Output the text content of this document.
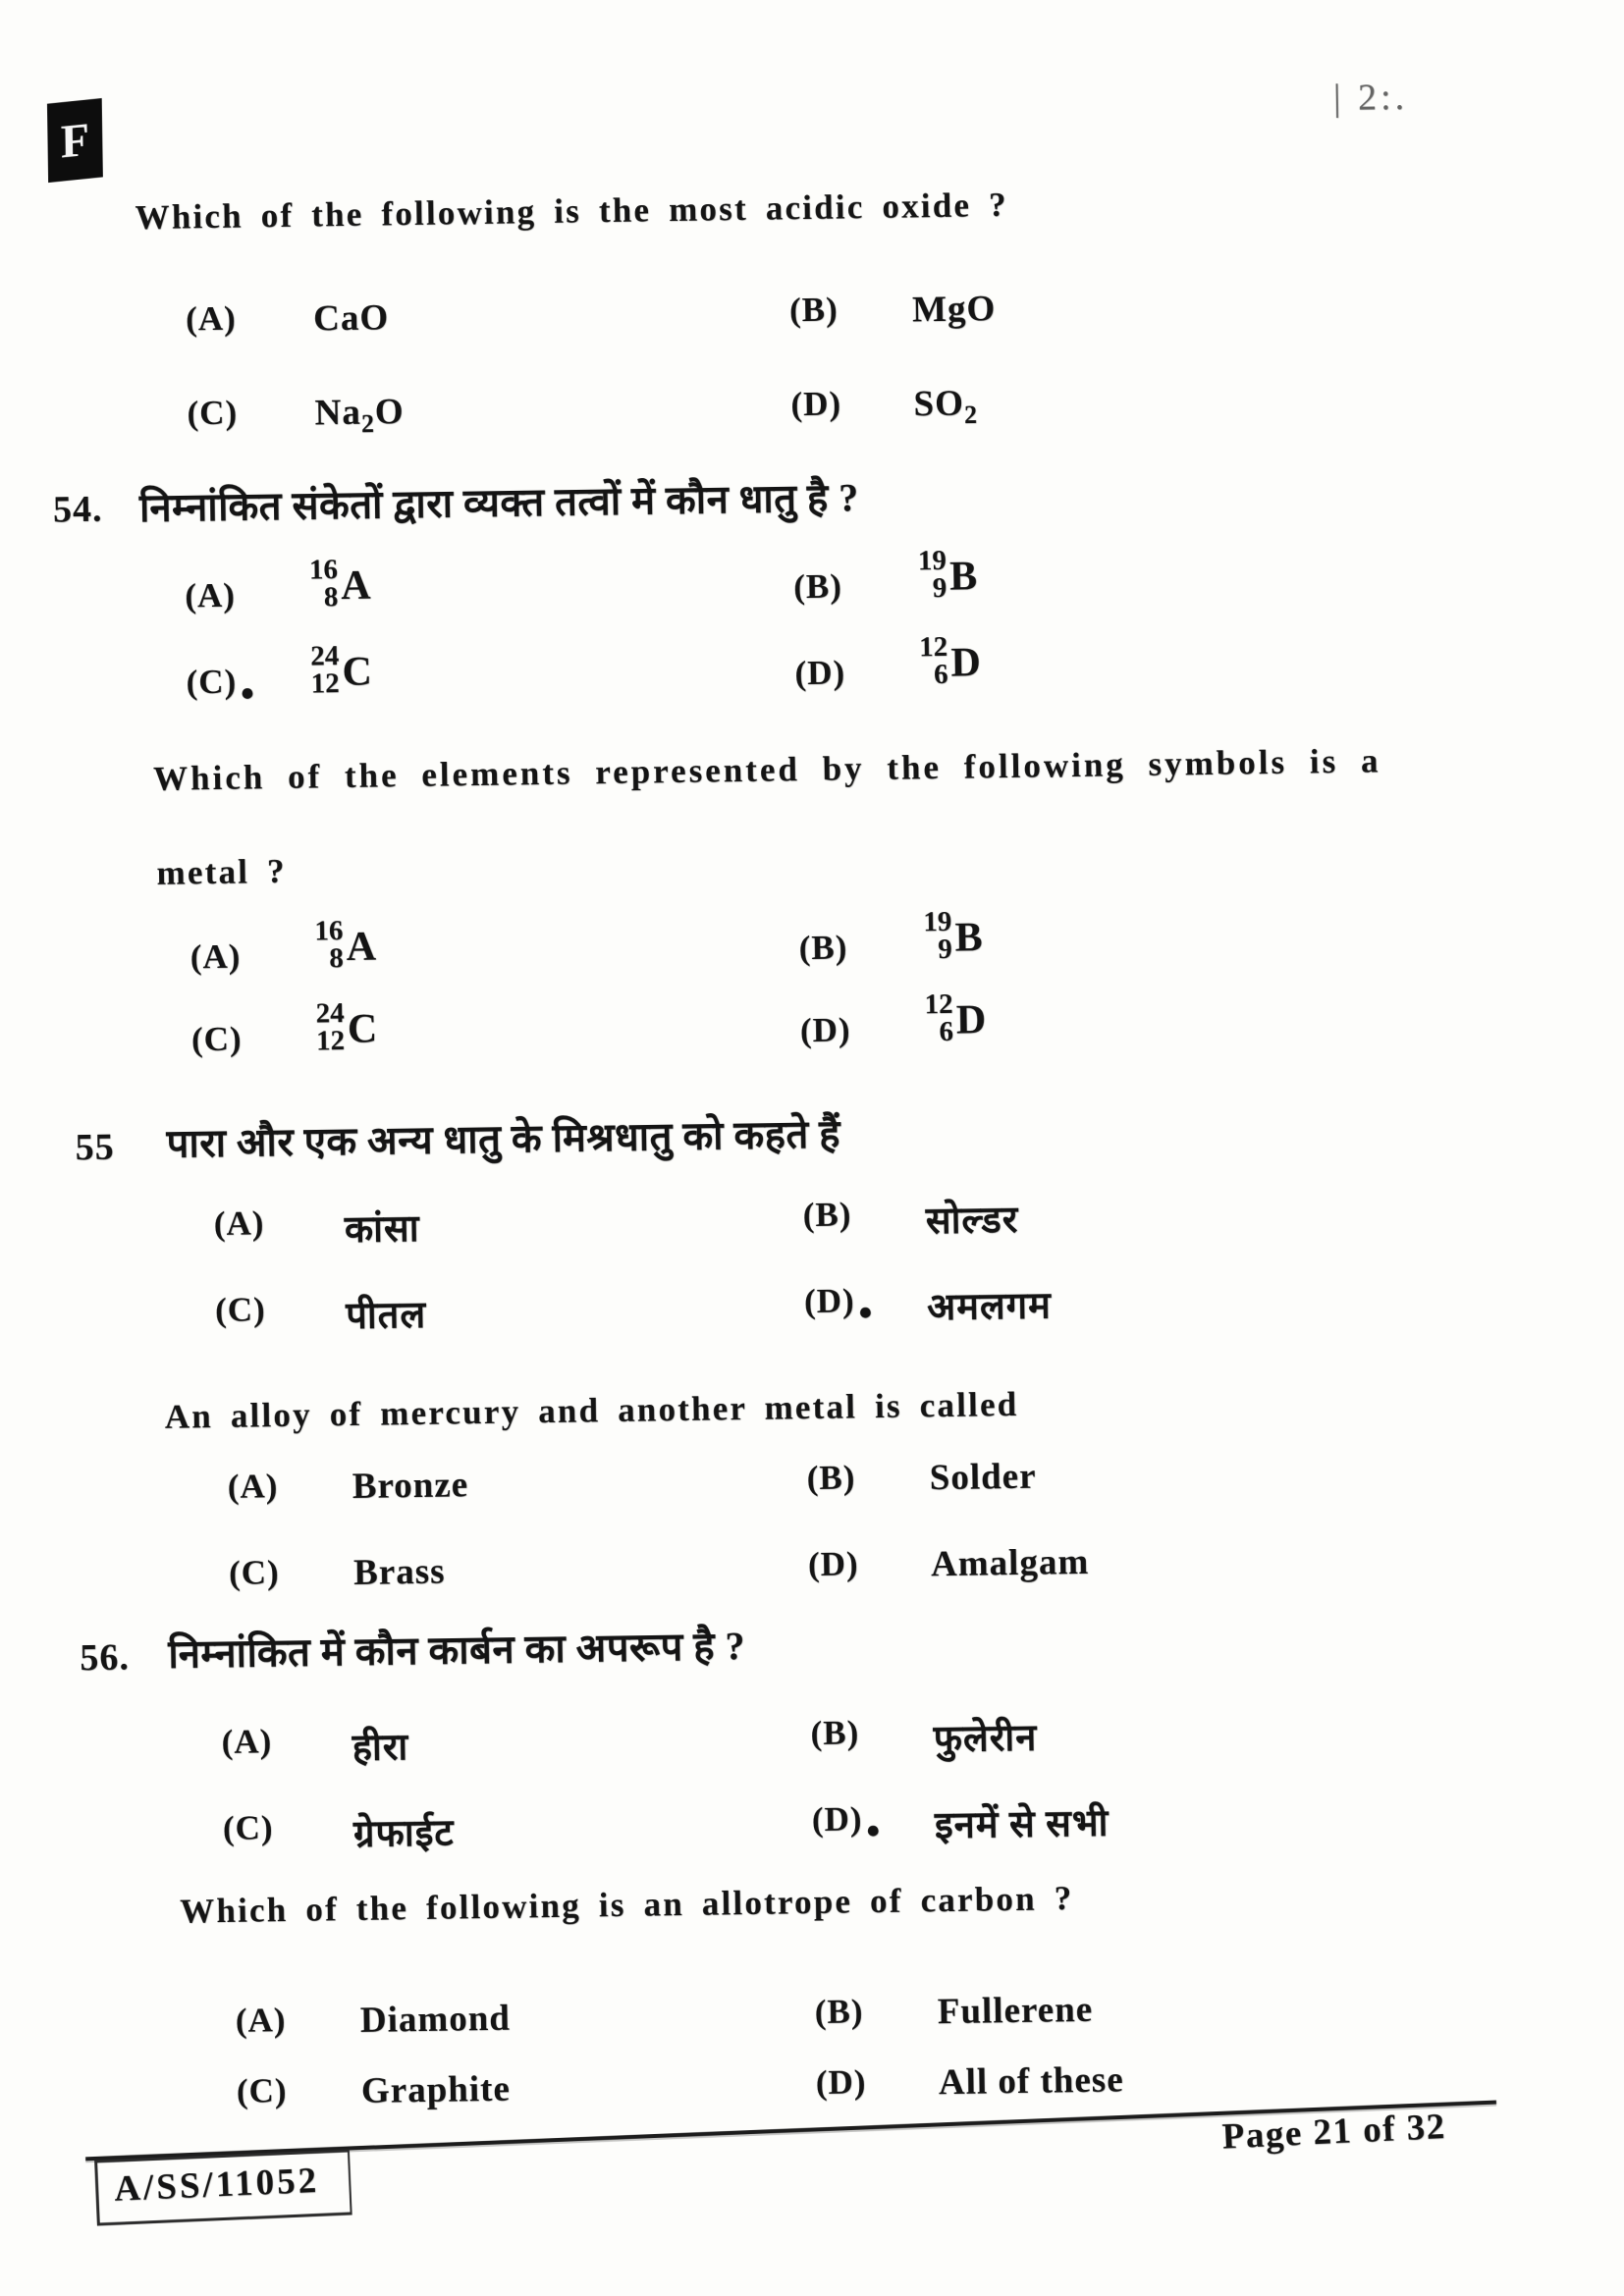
F
| 2:.
Which of the following is the most acidic oxide ?
(A) CaO	(B) MgO
(C) $Na_2O$	(D) $SO_2$
54. निम्नांकित संकेतों द्वारा व्यक्त तत्वों में कौन धातु है ?
(A)
16
8 A	(B)
19
9 B
(C) ●
24
12 C	(D)
12
6 D
Which of the elements represented by the following symbols is a
metal ?
(A)
16
8 A	(B)
19
9 B
(C)
24
12 C	(D)
12
6 D
55 पारा और एक अन्य धातु के मिश्रधातु को कहते हैं
(A) कांसा	(B) सोल्डर
(C) पीतल	(D) ● अमलगम
An alloy of mercury and another metal is called
(A) Bronze	(B) Solder
(C) Brass	(D) Amalgam
56. निम्नांकित में कौन कार्बन का अपरूप है ?
(A) हीरा	(B) फुलेरीन
(C) ग्रेफाईट	(D) ● इनमें से सभी
Which of the following is an allotrope of carbon ?
(A) Diamond	(B) Fullerene
(C) Graphite	(D) All of these
A/SS/11052
Page 21 of 32
